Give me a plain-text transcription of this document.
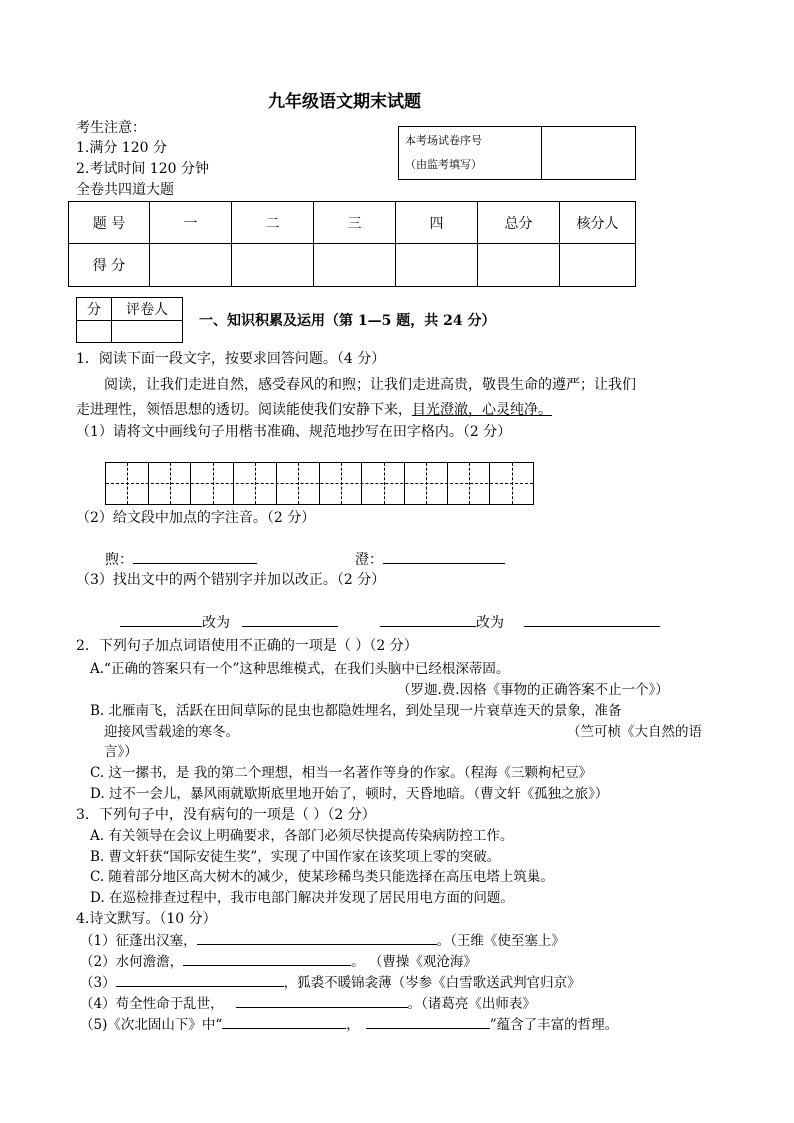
九年级语文期末试题
考生注意：
1.满分 120 分
2.考试时间 120 分钟
全卷共四道大题
本考场试卷序号
（由监考填写）

题 号	一	二	三	四	总分	核分人
得 分						
分	评卷人

一、知识积累及运用（第 1—5 题，共 24 分）
1．阅读下面一段文字，按要求回答问题。（4 分）
阅读，让我们走进自然，感受春风的和煦；让我们走进高贵，敬畏生命的遵严；让我们
走进理性，领悟思想的透切。阅读能使我们安静下来，目光澄澈，心灵纯净。
（1）请将文中画线句子用楷书准确、规范地抄写在田字格内。（2 分）
（2）给文段中加点的字注音。（2 分）
煦：	澄：
（3）找出文中的两个错别字并加以改正。（2 分）
改为	改为
2．下列句子加点词语使用不正确的一项是（ ）（2 分）
A.“正确的答案只有一个”这种思维模式，在我们头脑中已经根深蒂固。
（罗迦.费.因格《事物的正确答案不止一个》）
B. 北雁南飞，活跃在田间草际的昆虫也都隐姓埋名，到处呈现一片衰草连天的景象，准备
迎接风雪载途的寒冬。	（竺可桢《大自然的语
言》）
C. 这一摞书，是 我的第二个理想，相当一名著作等身的作家。（程海《三颗枸杞豆》
D. 过不一会儿，暴风雨就歇斯底里地开始了，顿时，天昏地暗。（曹文轩《孤独之旅》）
3．下列句子中，没有病句的一项是（ ）（2 分）
A. 有关领导在会议上明确要求，各部门必须尽快提高传染病防控工作。
B. 曹文轩获“国际安徒生奖”，实现了中国作家在该奖项上零的突破。
C. 随着部分地区高大树木的减少，使某珍稀鸟类只能选择在高压电塔上筑巢。
D. 在巡检排查过程中，我市电部门解决并发现了居民用电方面的问题。
4.诗文默写。（10 分）
（1）征蓬出汉塞，	。（王维《使至塞上》
（2）水何澹澹，	。 （曹操《观沧海》
（3）	，狐裘不暖锦衾薄（岑参《白雪歌送武判官归京》
（4）苟全性命于乱世，	。（诸葛亮《出师表》
（5)《次北固山下》中“	，	”蕴含了丰富的哲理。
